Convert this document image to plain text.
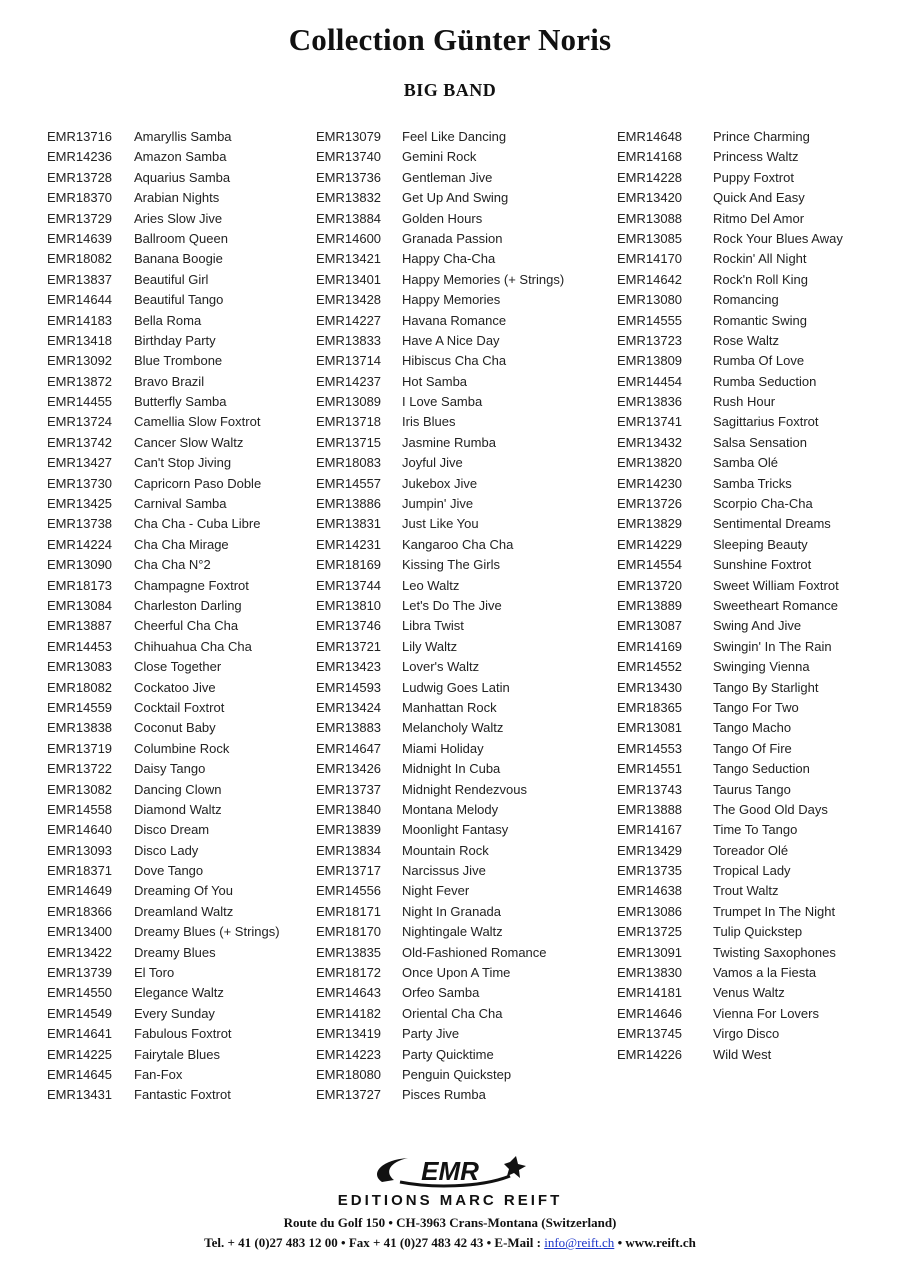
Collection Günter Noris
BIG BAND
EMR13716 Amaryllis Samba
EMR14236 Amazon Samba
EMR13728 Aquarius Samba
EMR18370 Arabian Nights
EMR13729 Aries Slow Jive
EMR14639 Ballroom Queen
EMR18082 Banana Boogie
EMR13837 Beautiful Girl
EMR14644 Beautiful Tango
EMR14183 Bella Roma
EMR13418 Birthday Party
EMR13092 Blue Trombone
EMR13872 Bravo Brazil
EMR14455 Butterfly Samba
EMR13724 Camellia Slow Foxtrot
EMR13742 Cancer Slow Waltz
EMR13427 Can't Stop Jiving
EMR13730 Capricorn Paso Doble
EMR13425 Carnival Samba
EMR13738 Cha Cha - Cuba Libre
EMR14224 Cha Cha Mirage
EMR13090 Cha Cha N°2
EMR18173 Champagne Foxtrot
EMR13084 Charleston Darling
EMR13887 Cheerful Cha Cha
EMR14453 Chihuahua Cha Cha
EMR13083 Close Together
EMR18082 Cockatoo Jive
EMR14559 Cocktail Foxtrot
EMR13838 Coconut Baby
EMR13719 Columbine Rock
EMR13722 Daisy Tango
EMR13082 Dancing Clown
EMR14558 Diamond Waltz
EMR14640 Disco Dream
EMR13093 Disco Lady
EMR18371 Dove Tango
EMR14649 Dreaming Of You
EMR18366 Dreamland Waltz
EMR13400 Dreamy Blues (+ Strings)
EMR13422 Dreamy Blues
EMR13739 El Toro
EMR14550 Elegance Waltz
EMR14549 Every Sunday
EMR14641 Fabulous Foxtrot
EMR14225 Fairytale Blues
EMR14645 Fan-Fox
EMR13431 Fantastic Foxtrot
EMR13079 Feel Like Dancing
EMR13740 Gemini Rock
EMR13736 Gentleman Jive
EMR13832 Get Up And Swing
EMR13884 Golden Hours
EMR14600 Granada Passion
EMR13421 Happy Cha-Cha
EMR13401 Happy Memories (+ Strings)
EMR13428 Happy Memories
EMR14227 Havana Romance
EMR13833 Have A Nice Day
EMR13714 Hibiscus Cha Cha
EMR14237 Hot Samba
EMR13089 I Love Samba
EMR13718 Iris Blues
EMR13715 Jasmine Rumba
EMR18083 Joyful Jive
EMR14557 Jukebox Jive
EMR13886 Jumpin' Jive
EMR13831 Just Like You
EMR14231 Kangaroo Cha Cha
EMR18169 Kissing The Girls
EMR13744 Leo Waltz
EMR13810 Let's Do The Jive
EMR13746 Libra Twist
EMR13721 Lily Waltz
EMR13423 Lover's Waltz
EMR14593 Ludwig Goes Latin
EMR13424 Manhattan Rock
EMR13883 Melancholy Waltz
EMR14647 Miami Holiday
EMR13426 Midnight In Cuba
EMR13737 Midnight Rendezvous
EMR13840 Montana Melody
EMR13839 Moonlight Fantasy
EMR13834 Mountain Rock
EMR13717 Narcissus Jive
EMR14556 Night Fever
EMR18171 Night In Granada
EMR18170 Nightingale Waltz
EMR13835 Old-Fashioned Romance
EMR18172 Once Upon A Time
EMR14643 Orfeo Samba
EMR14182 Oriental Cha Cha
EMR13419 Party Jive
EMR14223 Party Quicktime
EMR18080 Penguin Quickstep
EMR13727 Pisces Rumba
EMR14648 Prince Charming
EMR14168 Princess Waltz
EMR14228 Puppy Foxtrot
EMR13420 Quick And Easy
EMR13088 Ritmo Del Amor
EMR13085 Rock Your Blues Away
EMR14170 Rockin' All Night
EMR14642 Rock'n Roll King
EMR13080 Romancing
EMR14555 Romantic Swing
EMR13723 Rose Waltz
EMR13809 Rumba Of Love
EMR14454 Rumba Seduction
EMR13836 Rush Hour
EMR13741 Sagittarius Foxtrot
EMR13432 Salsa Sensation
EMR13820 Samba Olé
EMR14230 Samba Tricks
EMR13726 Scorpio Cha-Cha
EMR13829 Sentimental Dreams
EMR14229 Sleeping Beauty
EMR14554 Sunshine Foxtrot
EMR13720 Sweet William Foxtrot
EMR13889 Sweetheart Romance
EMR13087 Swing And Jive
EMR14169 Swingin' In The Rain
EMR14552 Swinging Vienna
EMR13430 Tango By Starlight
EMR18365 Tango For Two
EMR13081 Tango Macho
EMR14553 Tango Of Fire
EMR14551 Tango Seduction
EMR13743 Taurus Tango
EMR13888 The Good Old Days
EMR14167 Time To Tango
EMR13429 Toreador Olé
EMR13735 Tropical Lady
EMR14638 Trout Waltz
EMR13086 Trumpet In The Night
EMR13725 Tulip Quickstep
EMR13091 Twisting Saxophones
EMR13830 Vamos a la Fiesta
EMR14181 Venus Waltz
EMR14646 Vienna For Lovers
EMR13745 Virgo Disco
EMR14226 Wild West
EMR
EDITIONS MARC REIFT
Route du Golf 150 • CH-3963 Crans-Montana (Switzerland)
Tel. + 41 (0)27 483 12 00 • Fax + 41 (0)27 483 42 43 • E-Mail : info@reift.ch • www.reift.ch
